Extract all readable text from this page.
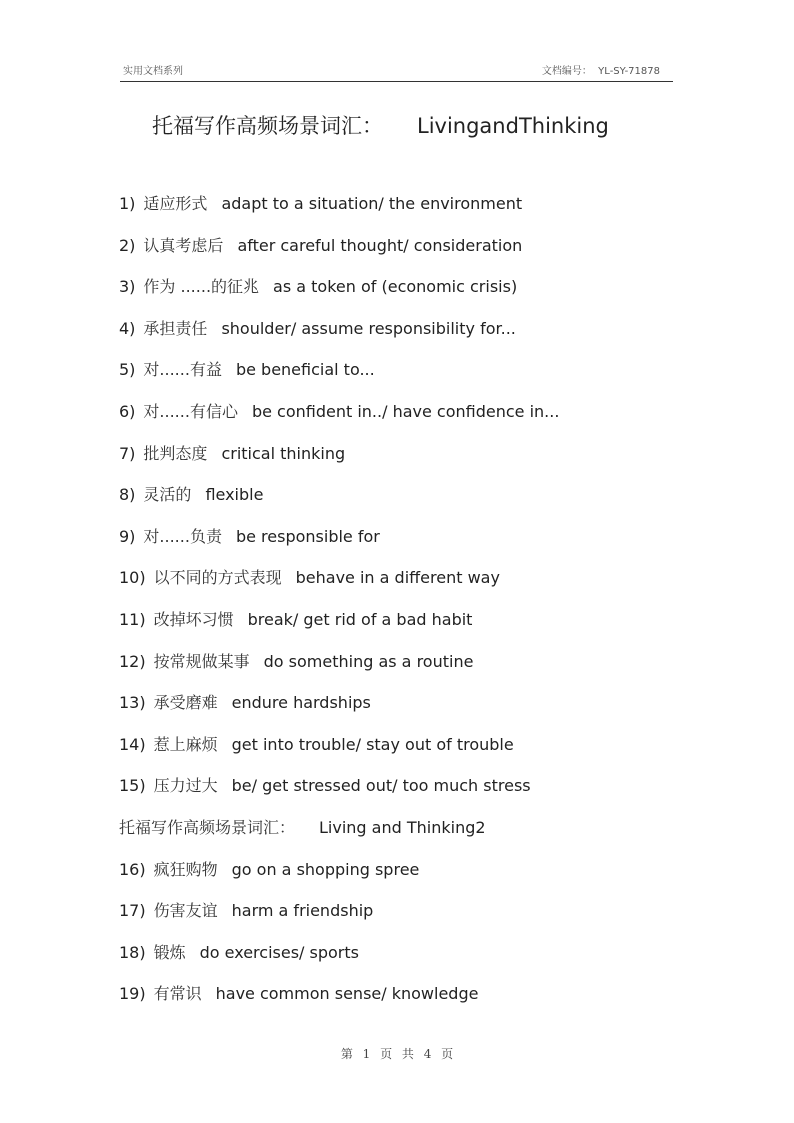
实用文档系列	文档编号：  YL-SY-71878
托福写作高频场景词汇： LivingandThinking
1) 适应形式 adapt to a situation/ the environment
2) 认真考虑后 after careful thought/ consideration
3) 作为 ......的征兆 as a token of (economic crisis)
4) 承担责任 shoulder/ assume responsibility for...
5) 对......有益 be beneficial to...
6) 对......有信心 be confident in../ have confidence in...
7) 批判态度 critical thinking
8) 灵活的 flexible
9) 对......负责 be responsible for
10) 以不同的方式表现 behave in a different way
11) 改掉坏习惯 break/ get rid of a bad habit
12) 按常规做某事 do something as a routine
13) 承受磨难 endure hardships
14) 惹上麻烦 get into trouble/ stay out of trouble
15) 压力过大 be/ get stressed out/ too much stress
托福写作高频场景词汇： Living and Thinking2
16) 疯狂购物 go on a shopping spree
17) 伤害友谊 harm a friendship
18) 锻炼 do exercises/ sports
19) 有常识 have common sense/ knowledge
第 1 页 共 4 页
